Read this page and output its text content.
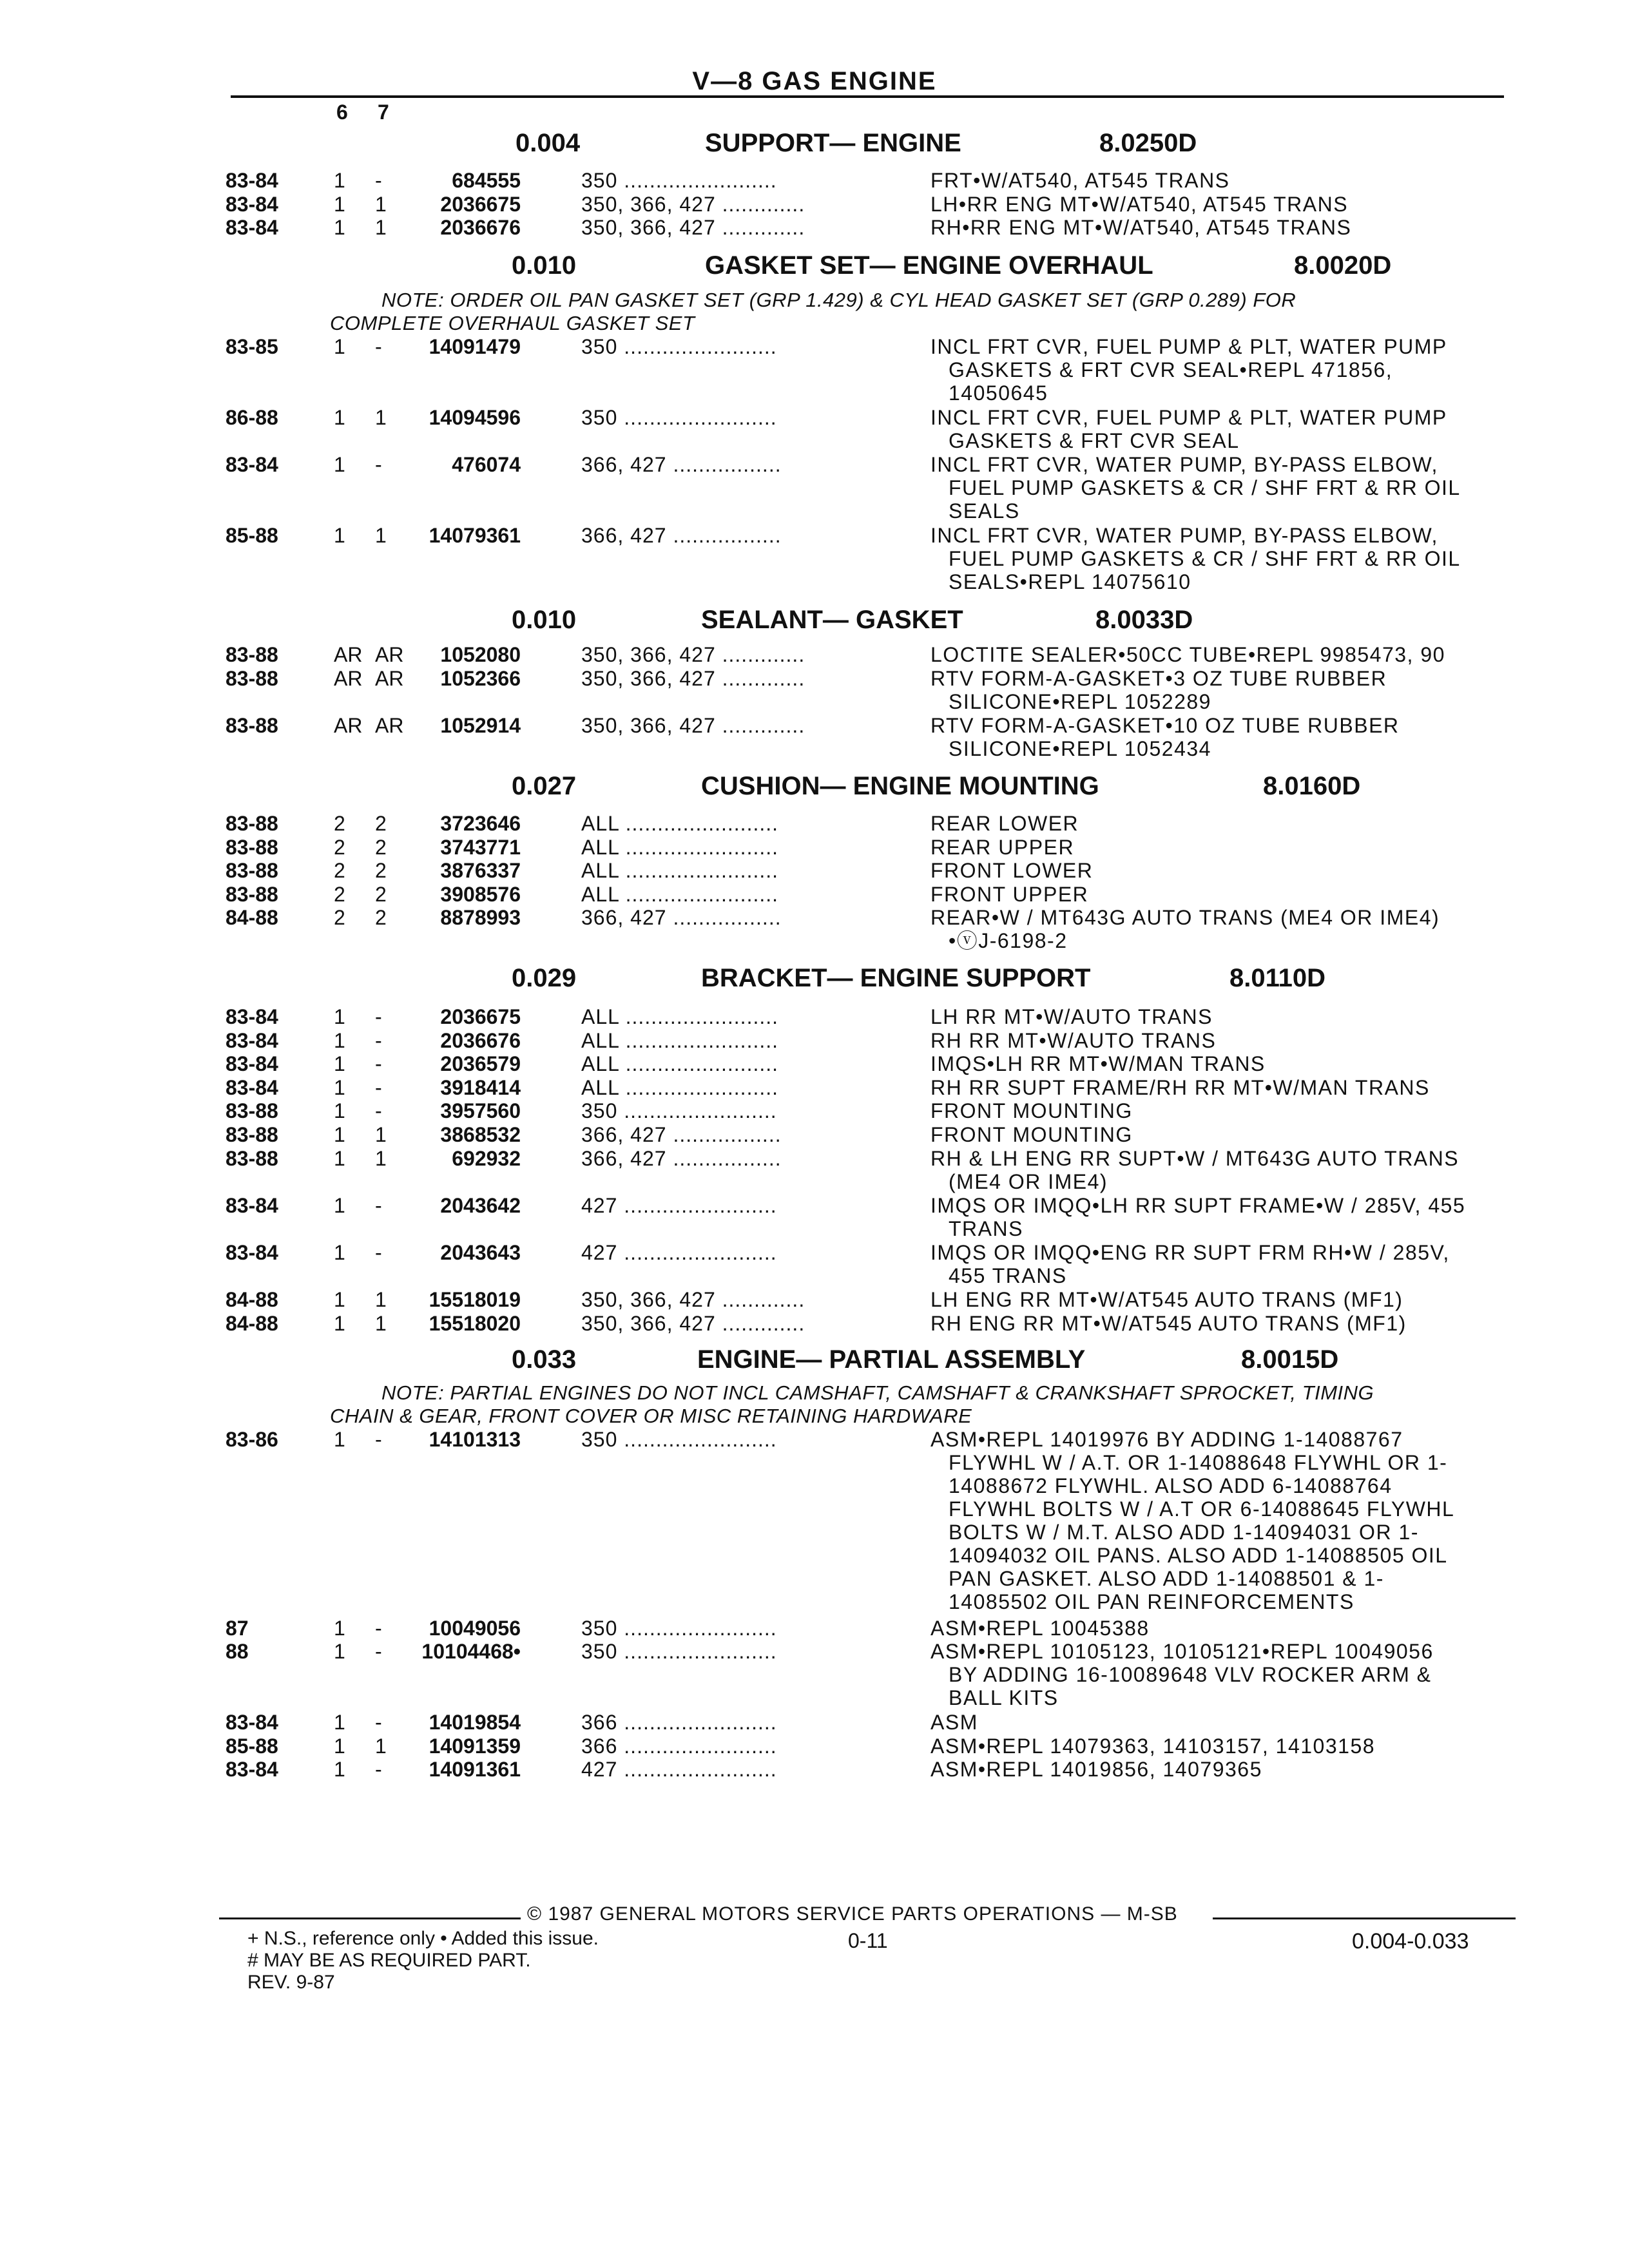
V—8 GAS ENGINE
6 7
0.004	SUPPORT— ENGINE	8.0250D
83-84	1 -	684555	350 ........................	FRT•W/AT540, AT545 TRANS
83-84	1 1	2036675	350, 366, 427 .............	LH•RR ENG MT•W/AT540, AT545 TRANS
83-84	1 1	2036676	350, 366, 427 .............	RH•RR ENG MT•W/AT540, AT545 TRANS
0.010	GASKET SET— ENGINE OVERHAUL	8.0020D
NOTE: ORDER OIL PAN GASKET SET (GRP 1.429) & CYL HEAD GASKET SET (GRP 0.289) FOR
COMPLETE OVERHAUL GASKET SET
83-85	1 - 14091479	350 ........................	INCL FRT CVR, FUEL PUMP & PLT, WATER PUMP
GASKETS & FRT CVR SEAL•REPL 471856,
14050645
86-88	1 1 14094596	350 ........................	INCL FRT CVR, FUEL PUMP & PLT, WATER PUMP
GASKETS & FRT CVR SEAL
83-84	1 -	476074	366, 427 .................	INCL FRT CVR, WATER PUMP, BY-PASS ELBOW,
FUEL PUMP GASKETS & CR / SHF FRT & RR OIL
SEALS
85-88	1 1 14079361	366, 427 .................	INCL FRT CVR, WATER PUMP, BY-PASS ELBOW,
FUEL PUMP GASKETS & CR / SHF FRT & RR OIL
SEALS•REPL 14075610
0.010	SEALANT— GASKET	8.0033D
83-88	AR AR 1052080	350, 366, 427 .............	LOCTITE SEALER•50CC TUBE•REPL 9985473, 90
83-88	AR AR 1052366	350, 366, 427 .............	RTV FORM-A-GASKET•3 OZ TUBE RUBBER
SILICONE•REPL 1052289
83-88	AR AR 1052914	350, 366, 427 .............	RTV FORM-A-GASKET•10 OZ TUBE RUBBER
SILICONE•REPL 1052434
0.027	CUSHION— ENGINE MOUNTING	8.0160D
83-88	2 2	3723646	ALL ........................	REAR LOWER
83-88	2 2	3743771	ALL ........................	REAR UPPER
83-88	2 2	3876337	ALL ........................	FRONT LOWER
83-88	2 2	3908576	ALL ........................	FRONT UPPER
84-88	2 2	8878993	366, 427 .................	REAR•W / MT643G AUTO TRANS (ME4 OR IME4)
•ⓥJ-6198-2
0.029	BRACKET— ENGINE SUPPORT	8.0110D
83-84	1 -	2036675	ALL ........................	LH RR MT•W/AUTO TRANS
83-84	1 -	2036676	ALL ........................	RH RR MT•W/AUTO TRANS
83-84	1 -	2036579	ALL ........................	IMQS•LH RR MT•W/MAN TRANS
83-84	1 -	3918414	ALL ........................	RH RR SUPT FRAME/RH RR MT•W/MAN TRANS
83-88	1 -	3957560	350 ........................	FRONT MOUNTING
83-88	1 1	3868532	366, 427 .................	FRONT MOUNTING
83-88	1 1	692932	366, 427 .................	RH & LH ENG RR SUPT•W / MT643G AUTO TRANS
(ME4 OR IME4)
83-84	1 -	2043642	427 ........................	IMQS OR IMQQ•LH RR SUPT FRAME•W / 285V, 455
TRANS
83-84	1 -	2043643	427 ........................	IMQS OR IMQQ•ENG RR SUPT FRM RH•W / 285V,
455 TRANS
84-88	1 1 15518019	350, 366, 427 .............	LH ENG RR MT•W/AT545 AUTO TRANS (MF1)
84-88	1 1 15518020	350, 366, 427 .............	RH ENG RR MT•W/AT545 AUTO TRANS (MF1)
0.033	ENGINE— PARTIAL ASSEMBLY	8.0015D
NOTE: PARTIAL ENGINES DO NOT INCL CAMSHAFT, CAMSHAFT & CRANKSHAFT SPROCKET, TIMING
CHAIN & GEAR, FRONT COVER OR MISC RETAINING HARDWARE
83-86	1 - 14101313	350 ........................	ASM•REPL 14019976 BY ADDING 1-14088767
FLYWHL W / A.T. OR 1-14088648 FLYWHL OR 1-
14088672 FLYWHL. ALSO ADD 6-14088764
FLYWHL BOLTS W / A.T OR 6-14088645 FLYWHL
BOLTS W / M.T. ALSO ADD 1-14094031 OR 1-
14094032 OIL PANS. ALSO ADD 1-14088505 OIL
PAN GASKET. ALSO ADD 1-14088501 & 1-
14085502 OIL PAN REINFORCEMENTS
87	1 - 10049056	350 ........................	ASM•REPL 10045388
88	1 - 10104468•	350 ........................	ASM•REPL 10105123, 10105121•REPL 10049056
BY ADDING 16-10089648 VLV ROCKER ARM &
BALL KITS
83-84	1 - 14019854	366 ........................	ASM
85-88	1 1 14091359	366 ........................	ASM•REPL 14079363, 14103157, 14103158
83-84	1 - 14091361	427 ........................	ASM•REPL 14019856, 14079365
© 1987 GENERAL MOTORS SERVICE PARTS OPERATIONS — M-SB
+ N.S., reference only • Added this issue.
# MAY BE AS REQUIRED PART.
REV. 9-87
0-11	0.004-0.033
